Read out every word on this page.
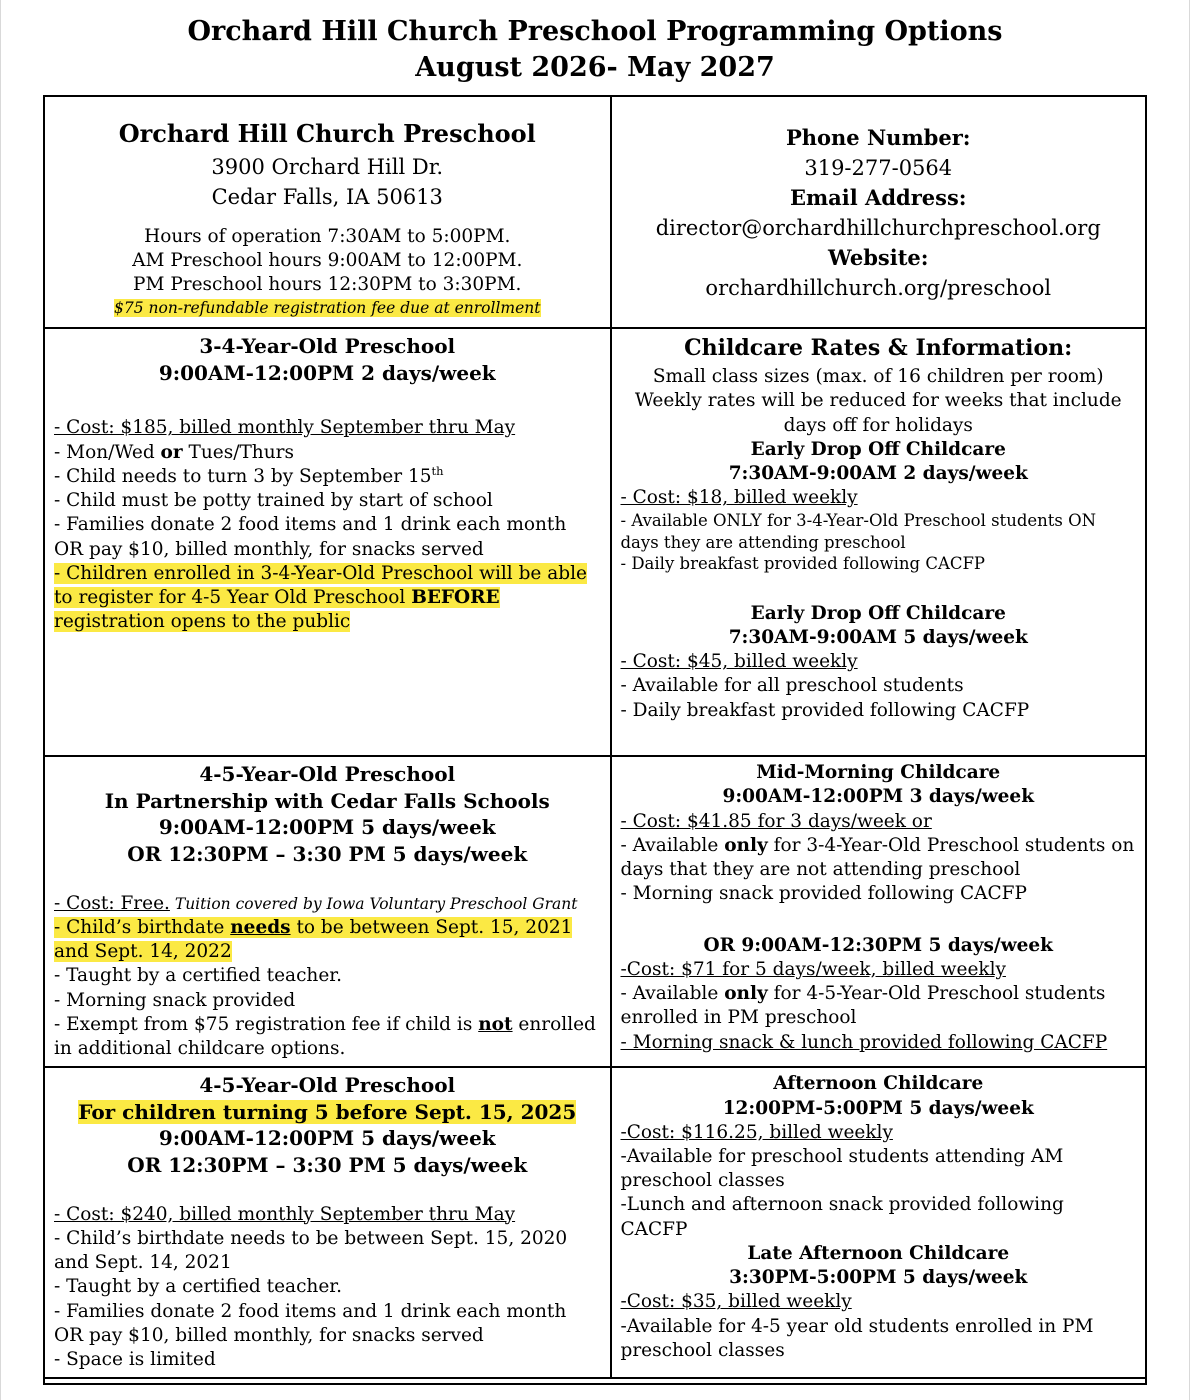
Orchard Hill Church Preschool Programming Options
August 2026- May 2027

Orchard Hill Church Preschool

3900 Orchard Hill Dr.

Cedar Falls, IA 50613

Hours of operation 7:30AM to 5:00PM.

AM Preschool hours 9:00AM to 12:00PM.

PM Preschool hours 12:30PM to 3:30PM.

$75 non-refundable registration fee due at enrollment

Phone Number:

319-277-0564

Email Address:

director@orchardhillchurchpreschool.org

Website:

orchardhillchurch.org/preschool

3-4-Year-Old Preschool

9:00AM-12:00PM 2 days/week

- Cost: $185, billed monthly September thru May

- Mon/Wed or Tues/Thurs

- Child needs to turn 3 by September 15th

- Child must be potty trained by start of school

- Families donate 2 food items and 1 drink each month OR pay $10, billed monthly, for snacks served

- Children enrolled in 3-4-Year-Old Preschool will be able to register for 4-5 Year Old Preschool BEFORE registration opens to the public

Childcare Rates & Information:

Small class sizes (max. of 16 children per room)

Weekly rates will be reduced for weeks that include days off for holidays

Early Drop Off Childcare

7:30AM-9:00AM 2 days/week

- Cost: $18, billed weekly

- Available ONLY for 3-4-Year-Old Preschool students ON days they are attending preschool

- Daily breakfast provided following CACFP

Early Drop Off Childcare

7:30AM-9:00AM 5 days/week

- Cost: $45, billed weekly

- Available for all preschool students

- Daily breakfast provided following CACFP

4-5-Year-Old Preschool

In Partnership with Cedar Falls Schools

9:00AM-12:00PM 5 days/week

OR 12:30PM – 3:30 PM 5 days/week

- Cost: Free. Tuition covered by Iowa Voluntary Preschool Grant

- Child’s birthdate needs to be between Sept. 15, 2021 and Sept. 14, 2022

- Taught by a certified teacher.

- Morning snack provided

- Exempt from $75 registration fee if child is not enrolled in additional childcare options.

Mid-Morning Childcare

9:00AM-12:00PM 3 days/week

- Cost: $41.85 for 3 days/week or

- Available only for 3-4-Year-Old Preschool students on days that they are not attending preschool

- Morning snack provided following CACFP

OR 9:00AM-12:30PM 5 days/week

-Cost: $71 for 5 days/week, billed weekly

- Available only for 4-5-Year-Old Preschool students enrolled in PM preschool

- Morning snack & lunch provided following CACFP

4-5-Year-Old Preschool

For children turning 5 before Sept. 15, 2025

9:00AM-12:00PM 5 days/week

OR 12:30PM – 3:30 PM 5 days/week

- Cost: $240, billed monthly September thru May

- Child’s birthdate needs to be between Sept. 15, 2020 and Sept. 14, 2021

- Taught by a certified teacher.

- Families donate 2 food items and 1 drink each month OR pay $10, billed monthly, for snacks served

- Space is limited

Afternoon Childcare

12:00PM-5:00PM 5 days/week

-Cost: $116.25, billed weekly

-Available for preschool students attending AM preschool classes

-Lunch and afternoon snack provided following CACFP

Late Afternoon Childcare

3:30PM-5:00PM 5 days/week

-Cost: $35, billed weekly

-Available for 4-5 year old students enrolled in PM preschool classes
